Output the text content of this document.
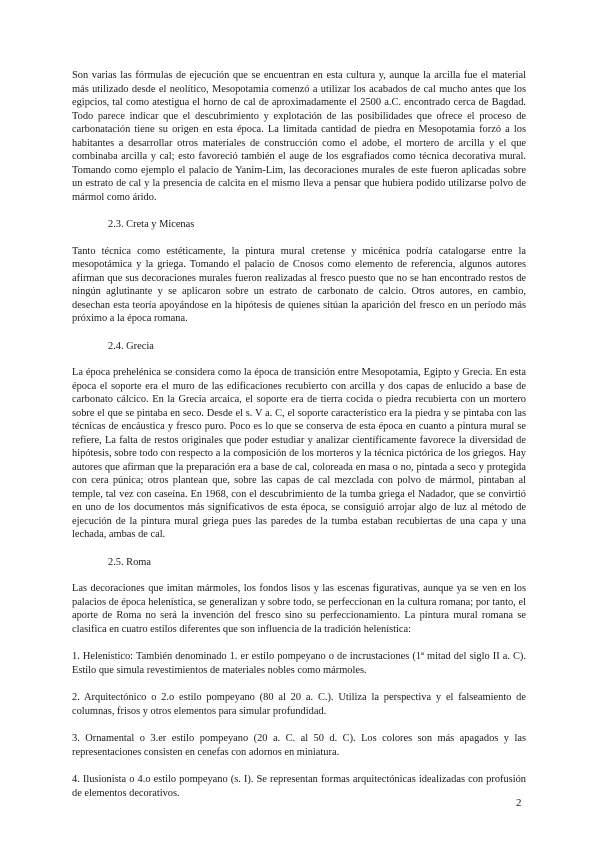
Son varias las fórmulas de ejecución que se encuentran en esta cultura y, aunque la arcilla fue el material más utilizado desde el neolítico, Mesopotamia comenzó a utilizar los acabados de cal mucho antes que los egipcios, tal como atestigua el horno de cal de aproximadamente el 2500 a.C. encontrado cerca de Bagdad. Todo parece indicar que el descubrimiento y explotación de las posibilidades que ofrece el proceso de carbonatación tiene su origen en esta época. La limitada cantidad de piedra en Mesopotamia forzó a los habitantes a desarrollar otros materiales de construcción como el adobe, el mortero de arcilla y el que combinaba arcilla y cal; esto favoreció también el auge de los esgrafiados como técnica decorativa mural. Tomando como ejemplo el palacio de Yanim-Lim, las decoraciones murales de este fueron aplicadas sobre un estrato de cal y la presencia de calcita en el mismo lleva a pensar que hubiera podido utilizarse polvo de mármol como árido.

2.3. Creta y Micenas

Tanto técnica como estéticamente, la pintura mural cretense y micénica podría catalogarse entre la mesopotámica y la griega. Tomando el palacio de Cnosos como elemento de referencia, algunos autores afirman que sus decoraciones murales fueron realizadas al fresco puesto que no se han encontrado restos de ningún aglutinante y se aplicaron sobre un estrato de carbonato de calcio. Otros autores, en cambio, desechan esta teoría apoyándose en la hipótesis de quienes sitúan la aparición del fresco en un período más próximo a la época romana.

2.4. Grecia

La época prehelénica se considera como la época de transición entre Mesopotamia, Egipto y Grecia. En esta época el soporte era el muro de las edificaciones recubierto con arcilla y dos capas de enlucido a base de carbonato cálcico. En la Grecia arcaica, el soporte era de tierra cocida o piedra recubierta con un mortero sobre el que se pintaba en seco. Desde el s. V a. C, el soporte característico era la piedra y se pintaba con las técnicas de encáustica y fresco puro. Poco es lo que se conserva de esta época en cuanto a pintura mural se refiere, La falta de restos originales que poder estudiar y analizar científicamente favorece la diversidad de hipótesis, sobre todo con respecto a la composición de los morteros y la técnica pictórica de los griegos. Hay autores que afirman que la preparación era a base de cal, coloreada en masa o no, pintada a seco y protegida con cera púnica; otros plantean que, sobre las capas de cal mezclada con polvo de mármol, pintaban al temple, tal vez con caseína. En 1968, con el descubrimiento de la tumba griega el Nadador, que se convirtió en uno de los documentos más significativos de esta época, se consiguió arrojar algo de luz al método de ejecución de la pintura mural griega pues las paredes de la tumba estaban recubiertas de una capa y una lechada, ambas de cal.

2.5. Roma

Las decoraciones que imitan mármoles, los fondos lisos y las escenas figurativas, aunque ya se ven en los palacios de época helenística, se generalizan y sobre todo, se perfeccionan en la cultura romana; por tanto, el aporte de Roma no será la invención del fresco sino su perfeccionamiento. La pintura mural romana se clasifica en cuatro estilos diferentes que son influencia de la tradición helenística:

1. Helenístico: También denominado 1. er estilo pompeyano o de incrustaciones (1ª mitad del siglo II a. C). Estilo que simula revestimientos de materiales nobles como mármoles.

2. Arquitectónico o 2.o estilo pompeyano (80 al 20 a. C.). Utiliza la perspectiva y el falseamiento de columnas, frisos y otros elementos para simular profundidad.

3. Ornamental o 3.er estilo pompeyano (20 a. C. al 50 d. C). Los colores son más apagados y las representaciones consisten en cenefas con adornos en miniatura.

4. Ilusionista o 4.o estilo pompeyano (s. I). Se representan formas arquitectónicas idealizadas con profusión de elementos decorativos.

2
